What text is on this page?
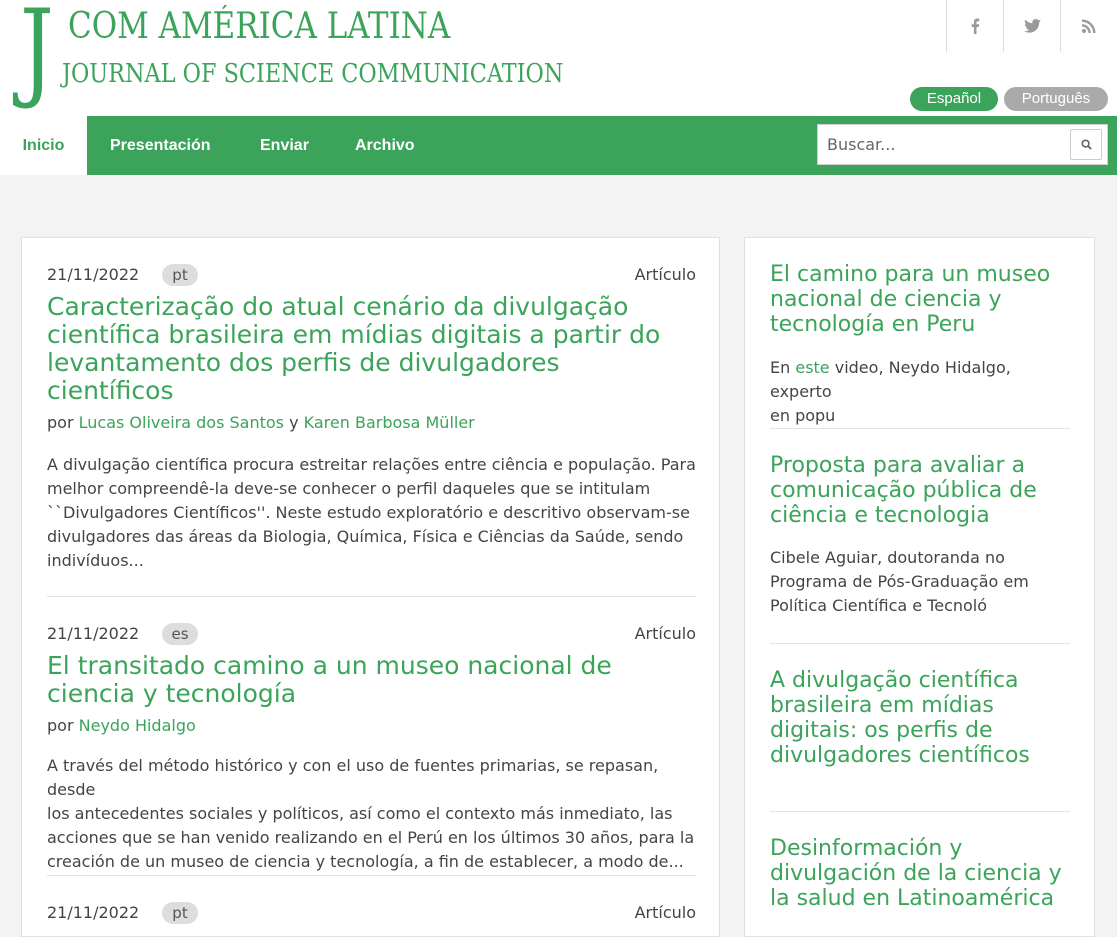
J COM AMÉRICA LATINA
JOURNAL OF SCIENCE COMMUNICATION
Español	Português
Inicio	Presentación	Enviar	Archivo
Buscar...
21/11/2022	pt	Artículo
Caracterização do atual cenário da divulgação
científica brasileira em mídias digitais a partir do
levantamento dos perfis de divulgadores
científicos
por Lucas Oliveira dos Santos y Karen Barbosa Müller
A divulgação científica procura estreitar relações entre ciência e população. Para
melhor compreendê-la deve-se conhecer o perfil daqueles que se intitulam
``Divulgadores Científicos''. Neste estudo exploratório e descritivo observam-se
divulgadores das áreas da Biologia, Química, Física e Ciências da Saúde, sendo
indivíduos...
21/11/2022	es	Artículo
El transitado camino a un museo nacional de
ciencia y tecnología
por Neydo Hidalgo
A través del método histórico y con el uso de fuentes primarias, se repasan, desde
los antecedentes sociales y políticos, así como el contexto más inmediato, las
acciones que se han venido realizando en el Perú en los últimos 30 años, para la
creación de un museo de ciencia y tecnología, a fin de establecer, a modo de...
21/11/2022	pt	Artículo
El camino para un museo
nacional de ciencia y
tecnología en Peru
En este video, Neydo Hidalgo, experto
en popu
Proposta para avaliar a
comunicação pública de
ciência e tecnologia
Cibele Aguiar, doutoranda no
Programa de Pós-Graduação em
Política Científica e Tecnoló
A divulgação científica
brasileira em mídias
digitais: os perfis de
divulgadores científicos
Desinformación y
divulgación de la ciencia y
la salud en Latinoamérica
